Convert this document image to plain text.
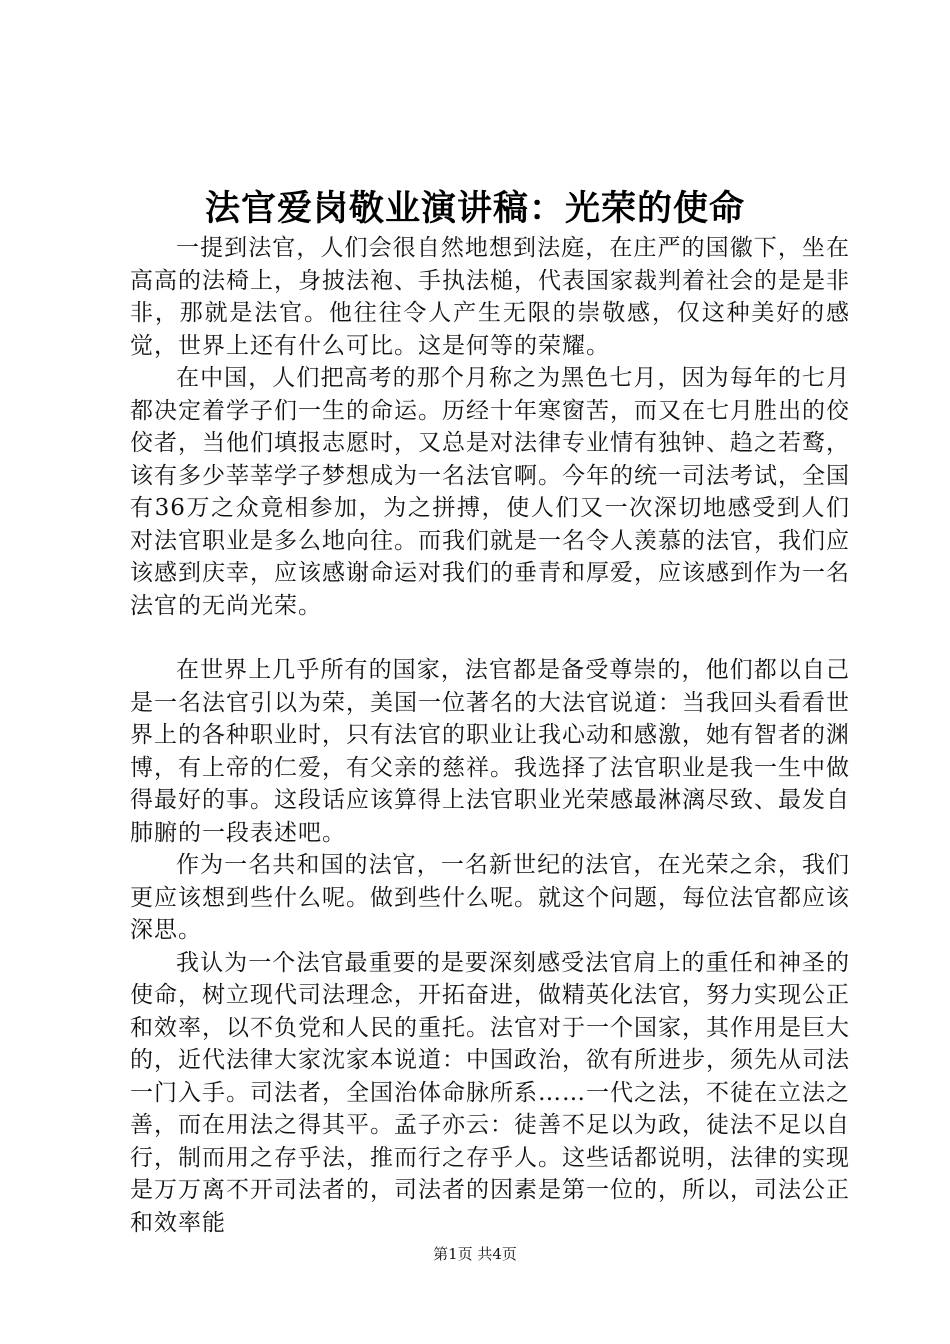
法官爱岗敬业演讲稿：光荣的使命

一提到法官，人们会很自然地想到法庭，在庄严的国徽下，坐在高高的法椅上，身披法袍、手执法槌，代表国家裁判着社会的是是非非，那就是法官。他往往令人产生无限的崇敬感，仅这种美好的感觉，世界上还有什么可比。这是何等的荣耀。

在中国，人们把高考的那个月称之为黑色七月，因为每年的七月都决定着学子们一生的命运。历经十年寒窗苦，而又在七月胜出的佼佼者，当他们填报志愿时，又总是对法律专业情有独钟、趋之若鹜，该有多少莘莘学子梦想成为一名法官啊。今年的统一司法考试，全国有36万之众竟相参加，为之拼搏，使人们又一次深切地感受到人们对法官职业是多么地向往。而我们就是一名令人羡慕的法官，我们应该感到庆幸，应该感谢命运对我们的垂青和厚爱，应该感到作为一名法官的无尚光荣。

在世界上几乎所有的国家，法官都是备受尊崇的，他们都以自己是一名法官引以为荣，美国一位著名的大法官说道：当我回头看看世界上的各种职业时，只有法官的职业让我心动和感激，她有智者的渊博，有上帝的仁爱，有父亲的慈祥。我选择了法官职业是我一生中做得最好的事。这段话应该算得上法官职业光荣感最淋漓尽致、最发自肺腑的一段表述吧。

作为一名共和国的法官，一名新世纪的法官，在光荣之余，我们更应该想到些什么呢。做到些什么呢。就这个问题，每位法官都应该深思。

我认为一个法官最重要的是要深刻感受法官肩上的重任和神圣的使命，树立现代司法理念，开拓奋进，做精英化法官，努力实现公正和效率，以不负党和人民的重托。法官对于一个国家，其作用是巨大的，近代法律大家沈家本说道：中国政治，欲有所进步，须先从司法一门入手。司法者，全国治体命脉所系……一代之法，不徒在立法之善，而在用法之得其平。孟子亦云：徒善不足以为政，徒法不足以自行，制而用之存乎法，推而行之存乎人。这些话都说明，法律的实现是万万离不开司法者的，司法者的因素是第一位的，所以，司法公正和效率能

第1页 共4页
